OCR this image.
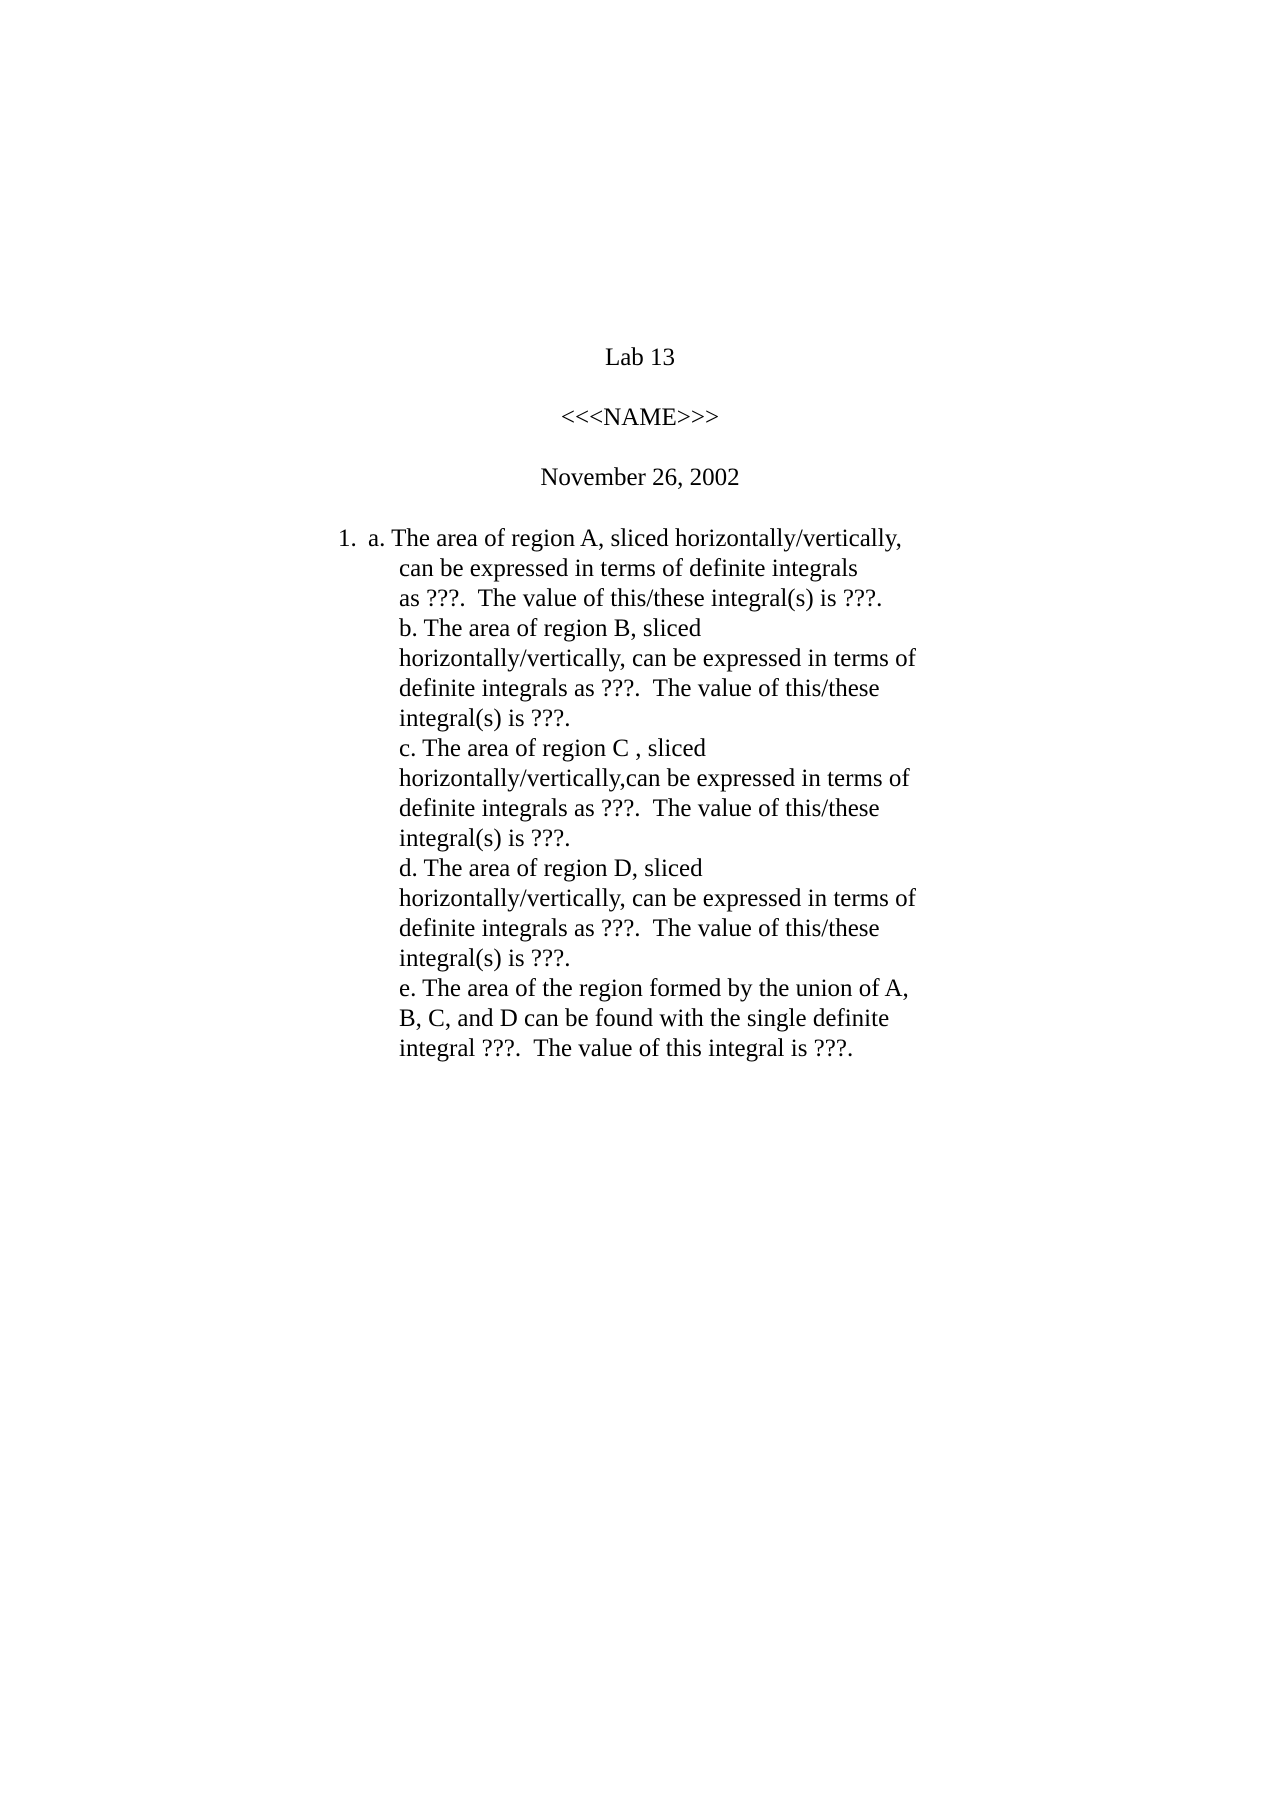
Lab 13
<<<NAME>>>
November 26, 2002
1. a. The area of region A, sliced horizontally/vertically,
can be expressed in terms of definite integrals
as ???.  The value of this/these integral(s) is ???.
b. The area of region B, sliced
horizontally/vertically, can be expressed in terms of
definite integrals as ???.  The value of this/these
integral(s) is ???.
c. The area of region C , sliced
horizontally/vertically,can be expressed in terms of
definite integrals as ???.  The value of this/these
integral(s) is ???.
d. The area of region D, sliced
horizontally/vertically, can be expressed in terms of
definite integrals as ???.  The value of this/these
integral(s) is ???.
e. The area of the region formed by the union of A,
B, C, and D can be found with the single definite
integral ???.  The value of this integral is ???.
